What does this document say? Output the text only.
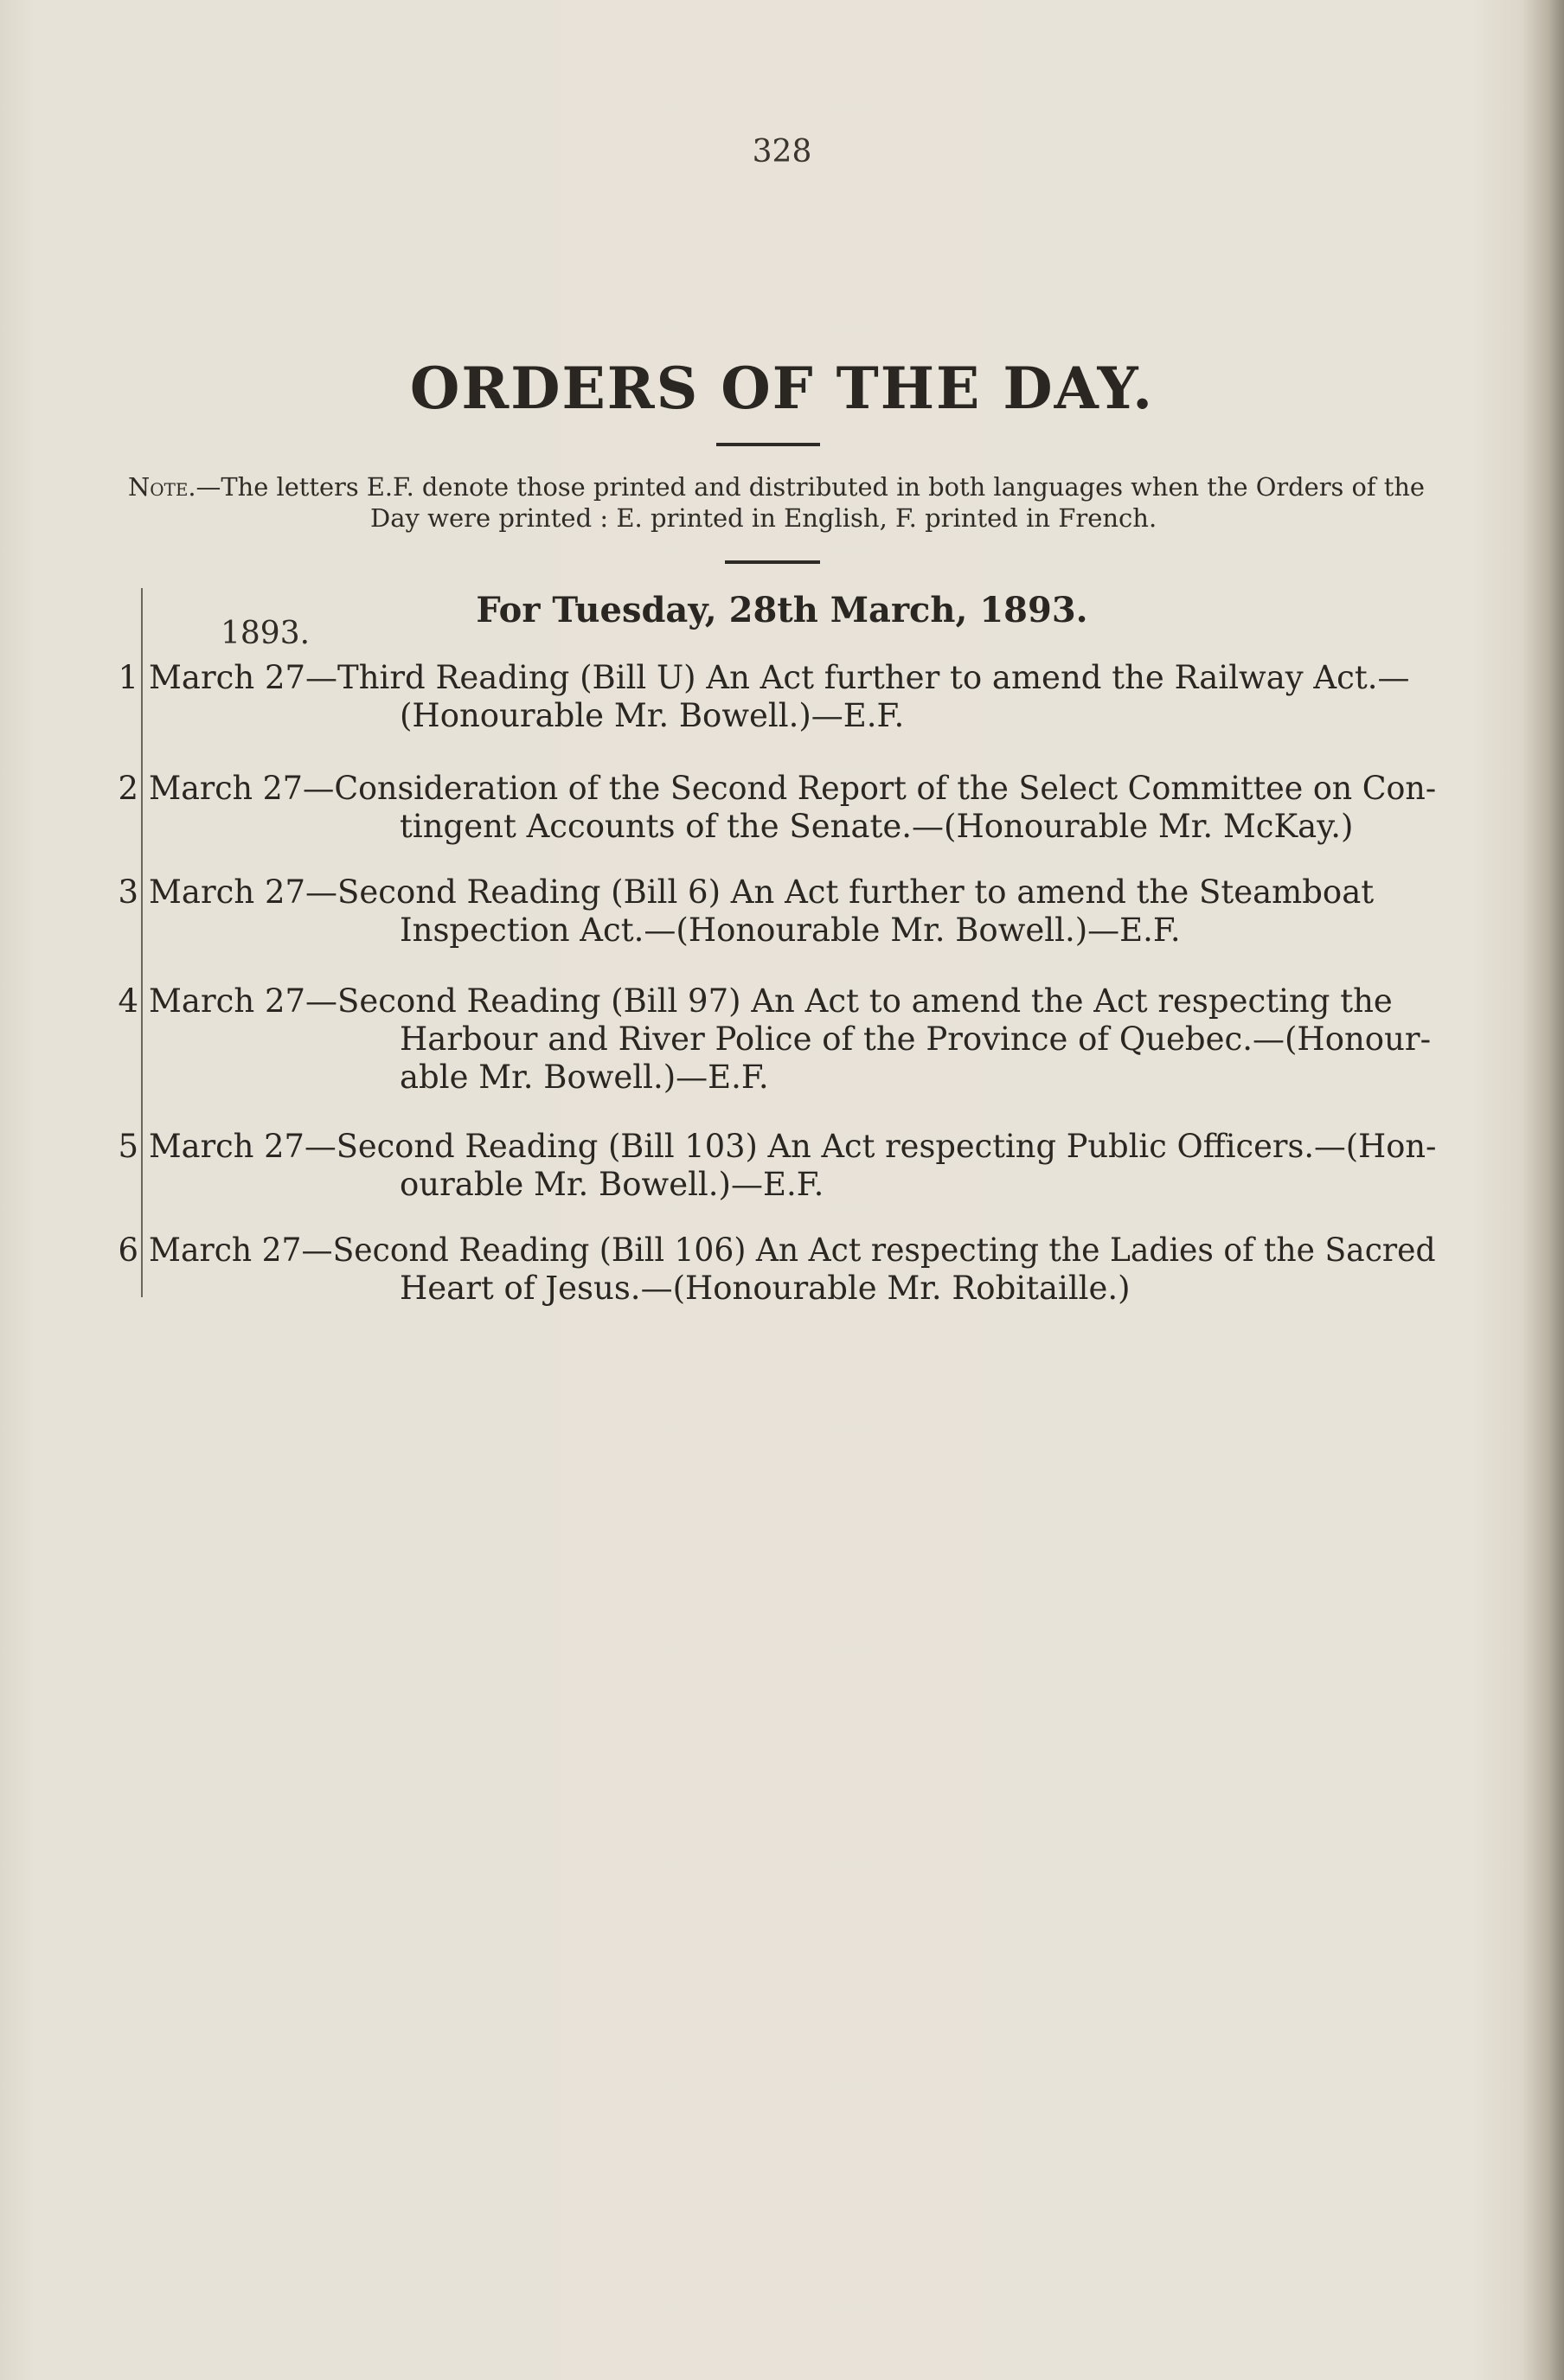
328
ORDERS OF THE DAY.
Note.—The letters E.F. denote those printed and distributed in both languages when the Orders of the
Day were printed : E. printed in English, F. printed in French.
For Tuesday, 28th March, 1893.
1893.
1 March 27—Third Reading (Bill U) An Act further to amend the Railway Act.—
(Honourable Mr. Bowell.)—E.F.
2 March 27—Consideration of the Second Report of the Select Committee on Con-
tingent Accounts of the Senate.—(Honourable Mr. McKay.)
3 March 27—Second Reading (Bill 6) An Act further to amend the Steamboat
Inspection Act.—(Honourable Mr. Bowell.)—E.F.
4 March 27—Second Reading (Bill 97) An Act to amend the Act respecting the
Harbour and River Police of the Province of Quebec.—(Honour-
able Mr. Bowell.)—E.F.
5 March 27—Second Reading (Bill 103) An Act respecting Public Officers.—(Hon-
ourable Mr. Bowell.)—E.F.
6 March 27—Second Reading (Bill 106) An Act respecting the Ladies of the Sacred
Heart of Jesus.—(Honourable Mr. Robitaille.)
